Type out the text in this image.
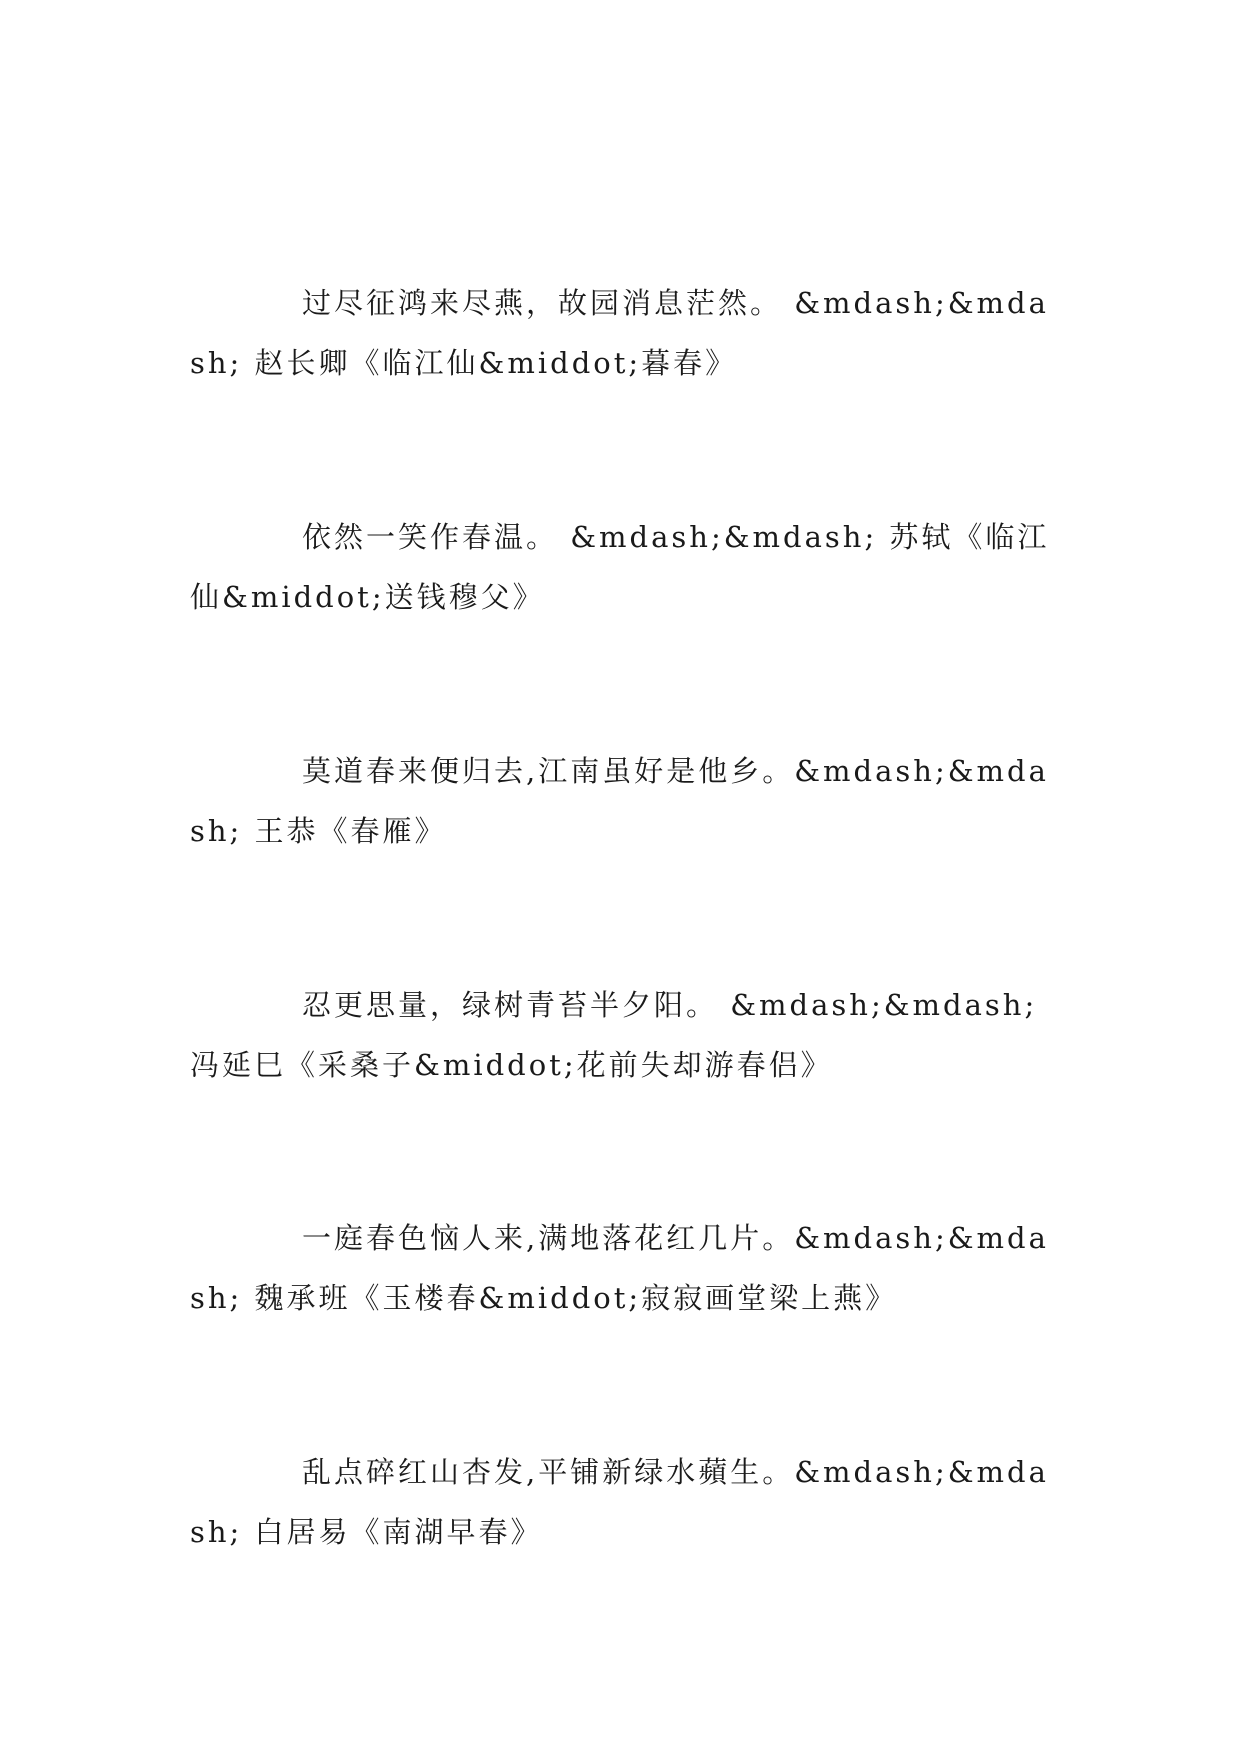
过尽征鸿来尽燕，故园消息茫然。 &mdash;&mdash; 赵长卿《临江仙&middot;暮春》

依然一笑作春温。 &mdash;&mdash; 苏轼《临江仙&middot;送钱穆父》

莫道春来便归去,江南虽好是他乡。&mdash;&mdash; 王恭《春雁》

忍更思量，绿树青苔半夕阳。 &mdash;&mdash; 冯延巳《采桑子&middot;花前失却游春侣》

一庭春色恼人来,满地落花红几片。&mdash;&mdash; 魏承班《玉楼春&middot;寂寂画堂梁上燕》

乱点碎红山杏发,平铺新绿水蘋生。&mdash;&mdash; 白居易《南湖早春》
